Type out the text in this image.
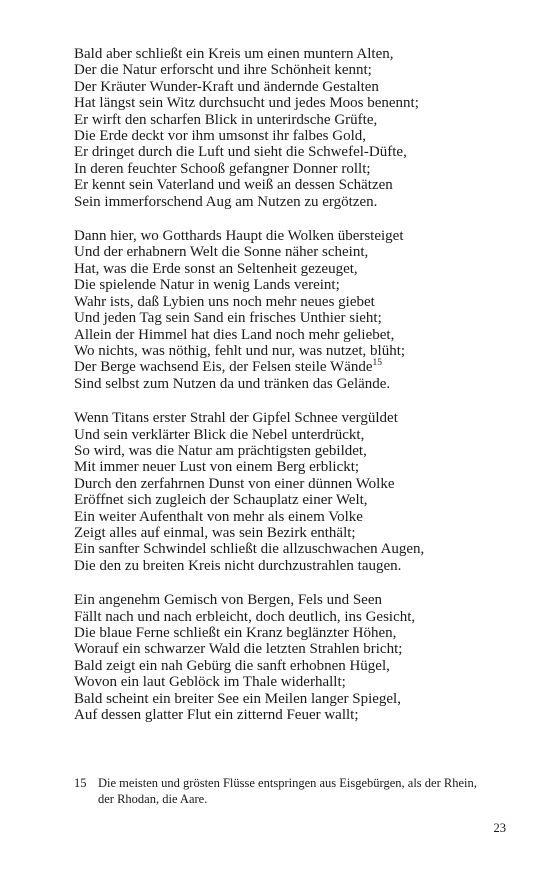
Bald aber schließt ein Kreis um einen muntern Alten,
Der die Natur erforscht und ihre Schönheit kennt;
Der Kräuter Wunder-Kraft und ändernde Gestalten
Hat längst sein Witz durchsucht und jedes Moos benennt;
Er wirft den scharfen Blick in unterirdsche Grüfte,
Die Erde deckt vor ihm umsonst ihr falbes Gold,
Er dringet durch die Luft und sieht die Schwefel-Düfte,
In deren feuchter Schooß gefangner Donner rollt;
Er kennt sein Vaterland und weiß an dessen Schätzen
Sein immerforschend Aug am Nutzen zu ergötzen.
Dann hier, wo Gotthards Haupt die Wolken übersteiget
Und der erhabnern Welt die Sonne näher scheint,
Hat, was die Erde sonst an Seltenheit gezeuget,
Die spielende Natur in wenig Lands vereint;
Wahr ists, daß Lybien uns noch mehr neues giebet
Und jeden Tag sein Sand ein frisches Unthier sieht;
Allein der Himmel hat dies Land noch mehr geliebet,
Wo nichts, was nöthig, fehlt und nur, was nutzet, blüht;
Der Berge wachsend Eis, der Felsen steile Wände$^{15}$
Sind selbst zum Nutzen da und tränken das Gelände.
Wenn Titans erster Strahl der Gipfel Schnee vergüldet
Und sein verklärter Blick die Nebel unterdrückt,
So wird, was die Natur am prächtigsten gebildet,
Mit immer neuer Lust von einem Berg erblickt;
Durch den zerfahrnen Dunst von einer dünnen Wolke
Eröffnet sich zugleich der Schauplatz einer Welt,
Ein weiter Aufenthalt von mehr als einem Volke
Zeigt alles auf einmal, was sein Bezirk enthält;
Ein sanfter Schwindel schließt die allzuschwachen Augen,
Die den zu breiten Kreis nicht durchzustrahlen taugen.
Ein angenehm Gemisch von Bergen, Fels und Seen
Fällt nach und nach erbleicht, doch deutlich, ins Gesicht,
Die blaue Ferne schließt ein Kranz beglänzter Höhen,
Worauf ein schwarzer Wald die letzten Strahlen bricht;
Bald zeigt ein nah Gebürg die sanft erhobnen Hügel,
Wovon ein laut Geblöck im Thale widerhallt;
Bald scheint ein breiter See ein Meilen langer Spiegel,
Auf dessen glatter Flut ein zitternd Feuer wallt;
15 Die meisten und grösten Flüsse entspringen aus Eisgebürgen, als der Rhein,
der Rhodan, die Aare.
23
